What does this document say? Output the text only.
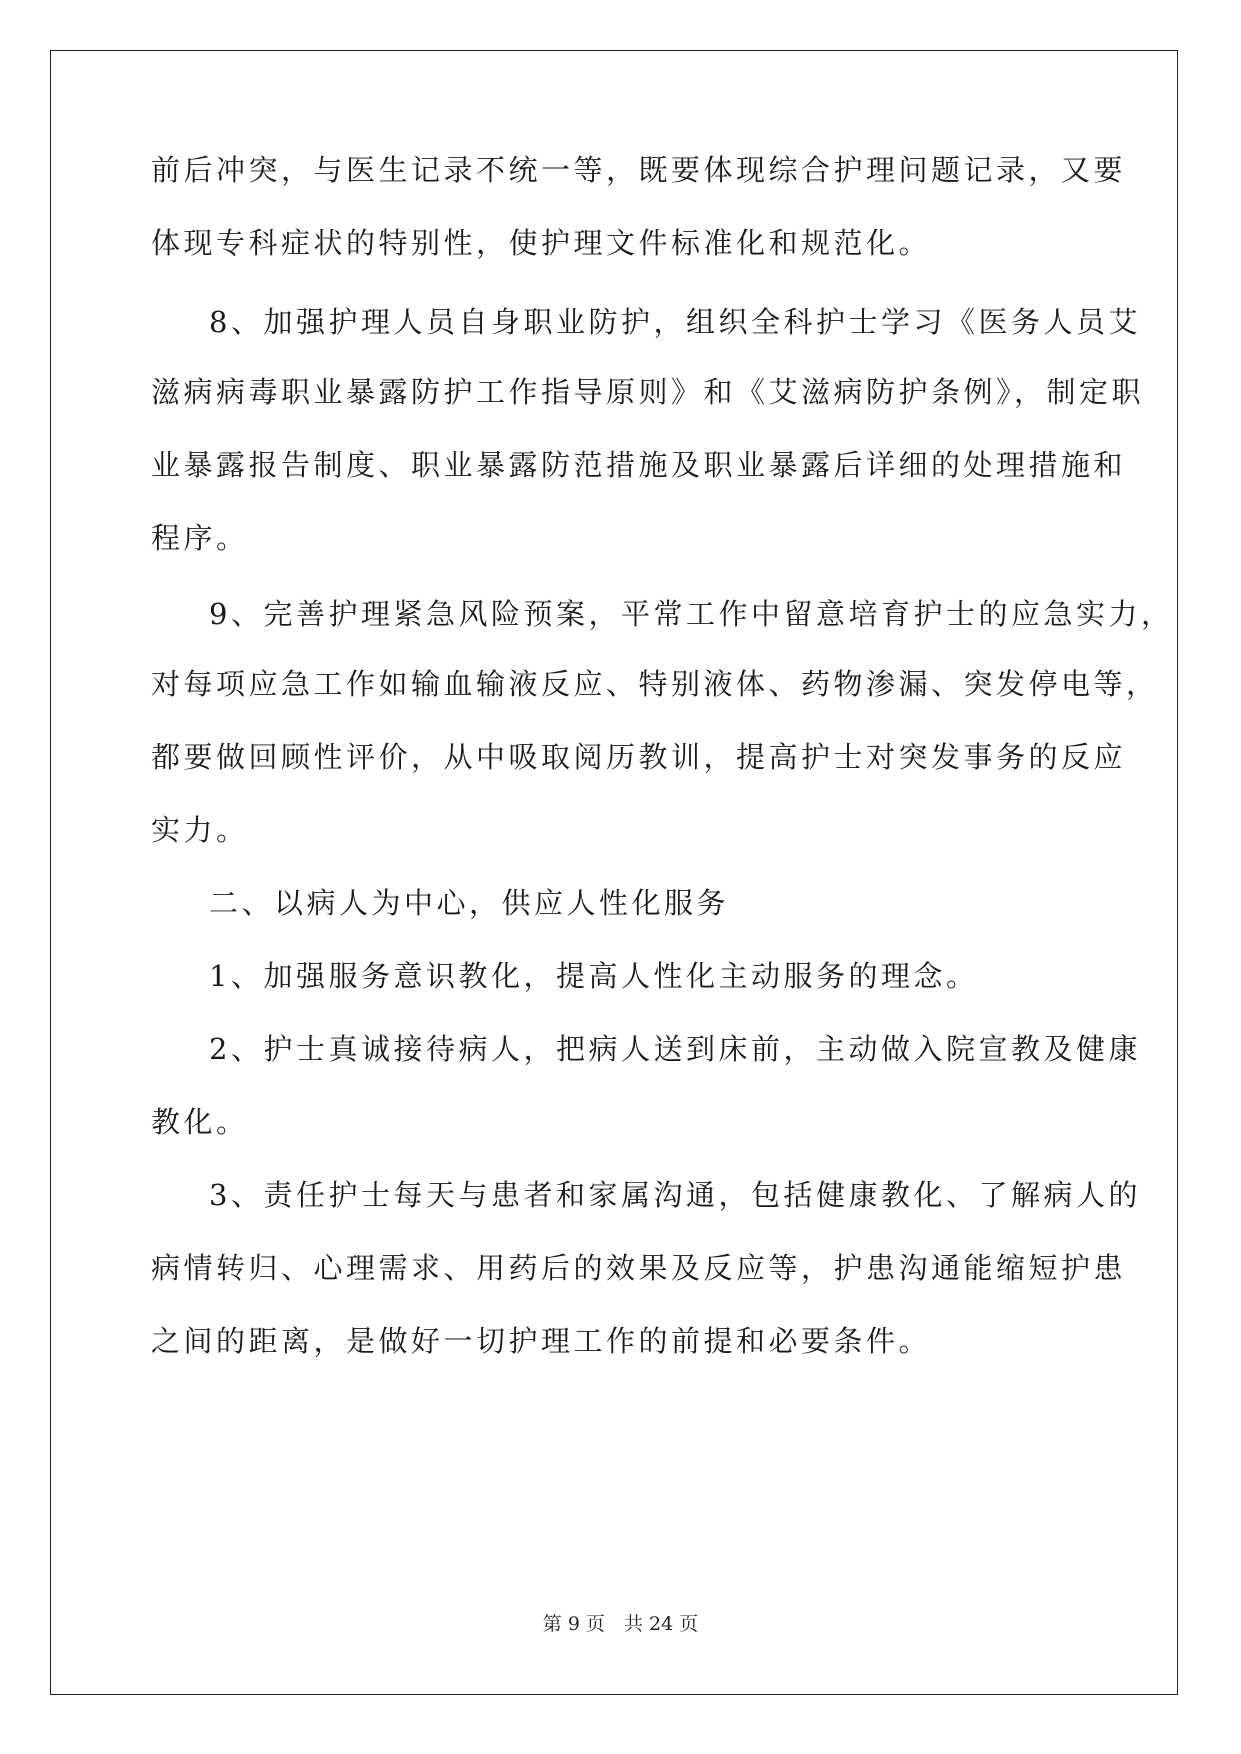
前后冲突，与医生记录不统一等，既要体现综合护理问题记录，又要
体现专科症状的特别性，使护理文件标准化和规范化。
8、加强护理人员自身职业防护，组织全科护士学习《医务人员艾
滋病病毒职业暴露防护工作指导原则》和《艾滋病防护条例》，制定职
业暴露报告制度、职业暴露防范措施及职业暴露后详细的处理措施和
程序。
9、完善护理紧急风险预案，平常工作中留意培育护士的应急实力，
对每项应急工作如输血输液反应、特别液体、药物渗漏、突发停电等，
都要做回顾性评价，从中吸取阅历教训，提高护士对突发事务的反应
实力。
二、以病人为中心，供应人性化服务
1、加强服务意识教化，提高人性化主动服务的理念。
2、护士真诚接待病人，把病人送到床前，主动做入院宣教及健康
教化。
3、责任护士每天与患者和家属沟通，包括健康教化、了解病人的
病情转归、心理需求、用药后的效果及反应等，护患沟通能缩短护患
之间的距离，是做好一切护理工作的前提和必要条件。
第 9 页　共 24 页
